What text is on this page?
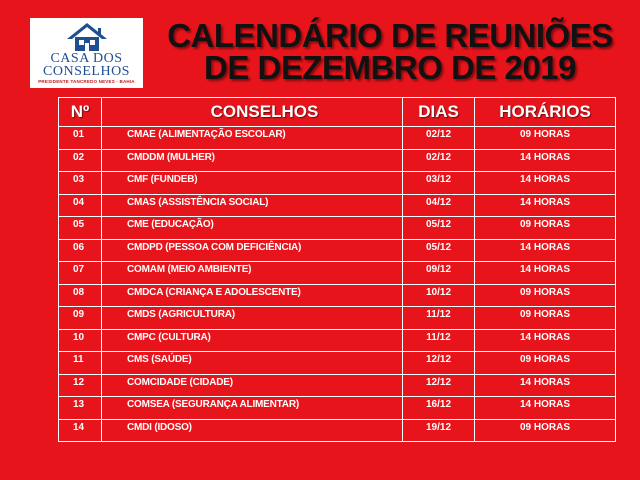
CASA DOS
CONSELHOS
PRESIDENTE TANCREDO NEVES - BAHIA
CALENDÁRIO DE REUNIÕES
DE DEZEMBRO DE 2019
Nº	CONSELHOS	DIAS	HORÁRIOS
01	CMAE (ALIMENTAÇÃO ESCOLAR)	02/12	09 HORAS
02	CMDDM (MULHER)	02/12	14 HORAS
03	CMF (FUNDEB)	03/12	14 HORAS
04	CMAS (ASSISTÊNCIA SOCIAL)	04/12	14 HORAS
05	CME (EDUCAÇÃO)	05/12	09 HORAS
06	CMDPD (PESSOA COM DEFICIÊNCIA)	05/12	14 HORAS
07	COMAM (MEIO AMBIENTE)	09/12	14 HORAS
08	CMDCA (CRIANÇA E ADOLESCENTE)	10/12	09 HORAS
09	CMDS (AGRICULTURA)	11/12	09 HORAS
10	CMPC (CULTURA)	11/12	14 HORAS
11	CMS (SAÚDE)	12/12	09 HORAS
12	COMCIDADE (CIDADE)	12/12	14 HORAS
13	COMSEA (SEGURANÇA ALIMENTAR)	16/12	14 HORAS
14	CMDI (IDOSO)	19/12	09 HORAS
